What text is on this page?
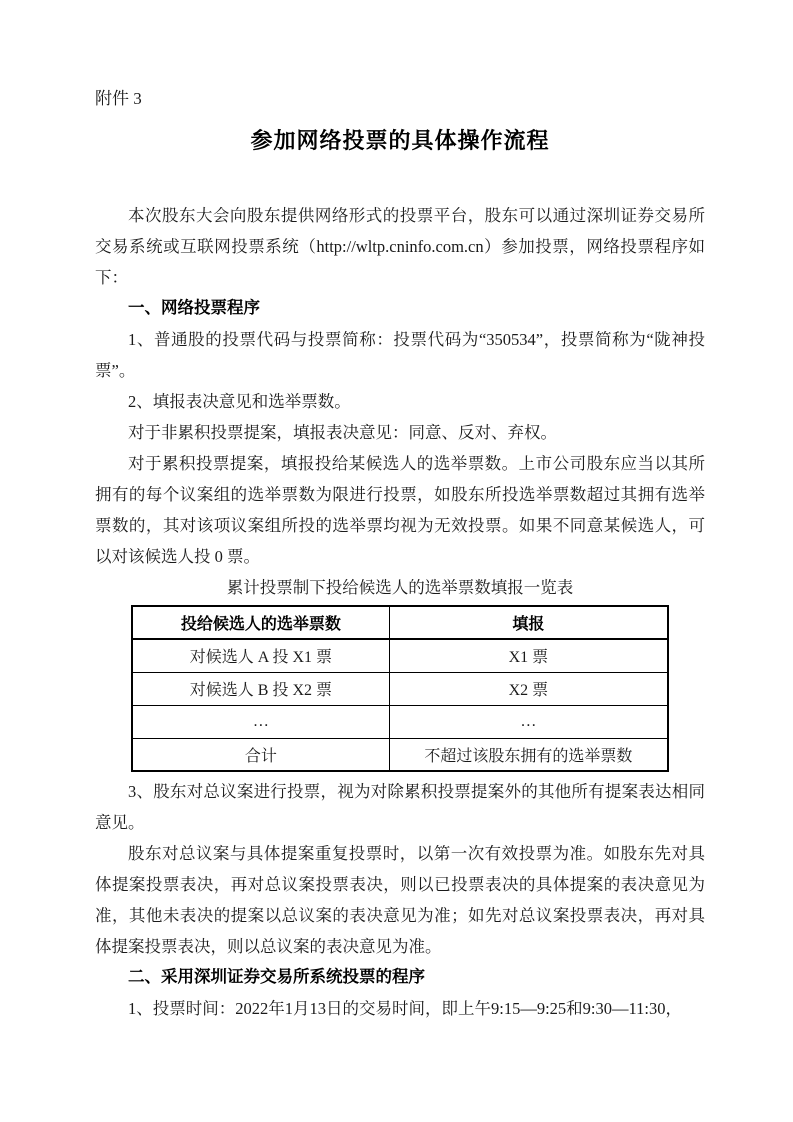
附件 3
参加网络投票的具体操作流程

本次股东大会向股东提供网络形式的投票平台，股东可以通过深圳证券交易所交易系统或互联网投票系统（http://wltp.cninfo.com.cn）参加投票，网络投票程序如下：

一、网络投票程序

1、普通股的投票代码与投票简称：投票代码为“350534”，投票简称为“陇神投票”。

2、填报表决意见和选举票数。

对于非累积投票提案，填报表决意见：同意、反对、弃权。

对于累积投票提案，填报投给某候选人的选举票数。上市公司股东应当以其所拥有的每个议案组的选举票数为限进行投票，如股东所投选举票数超过其拥有选举票数的，其对该项议案组所投的选举票均视为无效投票。如果不同意某候选人，可以对该候选人投 0 票。

累计投票制下投给候选人的选举票数填报一览表
投给候选人的选举票数	填报
对候选人 A 投 X1 票	X1 票
对候选人 B 投 X2 票	X2 票
…	…
合计	不超过该股东拥有的选举票数

3、股东对总议案进行投票，视为对除累积投票提案外的其他所有提案表达相同意见。

股东对总议案与具体提案重复投票时，以第一次有效投票为准。如股东先对具体提案投票表决，再对总议案投票表决，则以已投票表决的具体提案的表决意见为准，其他未表决的提案以总议案的表决意见为准；如先对总议案投票表决，再对具体提案投票表决，则以总议案的表决意见为准。

二、采用深圳证券交易所系统投票的程序

1、投票时间：2022年1月13日的交易时间，即上午9:15—9:25和9:30—11:30，
